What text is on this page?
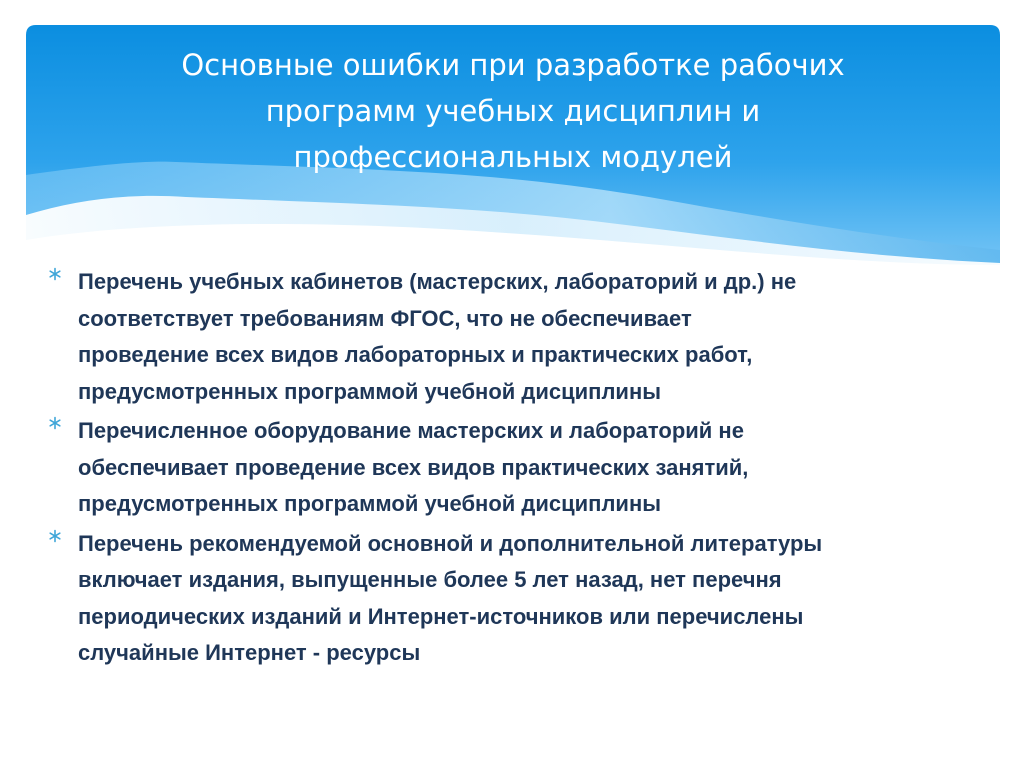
Основные ошибки при разработке рабочих
программ учебных дисциплин и
профессиональных модулей
Перечень учебных кабинетов (мастерских, лабораторий и др.) не
соответствует требованиям ФГОС, что не обеспечивает
проведение всех видов лабораторных и практических работ,
предусмотренных программой учебной дисциплины
Перечисленное оборудование мастерских и лабораторий не
обеспечивает проведение всех видов практических занятий,
предусмотренных программой учебной дисциплины
Перечень рекомендуемой основной и дополнительной литературы
включает издания, выпущенные более 5 лет назад, нет перечня
периодических изданий и Интернет-источников или перечислены
случайные Интернет - ресурсы
